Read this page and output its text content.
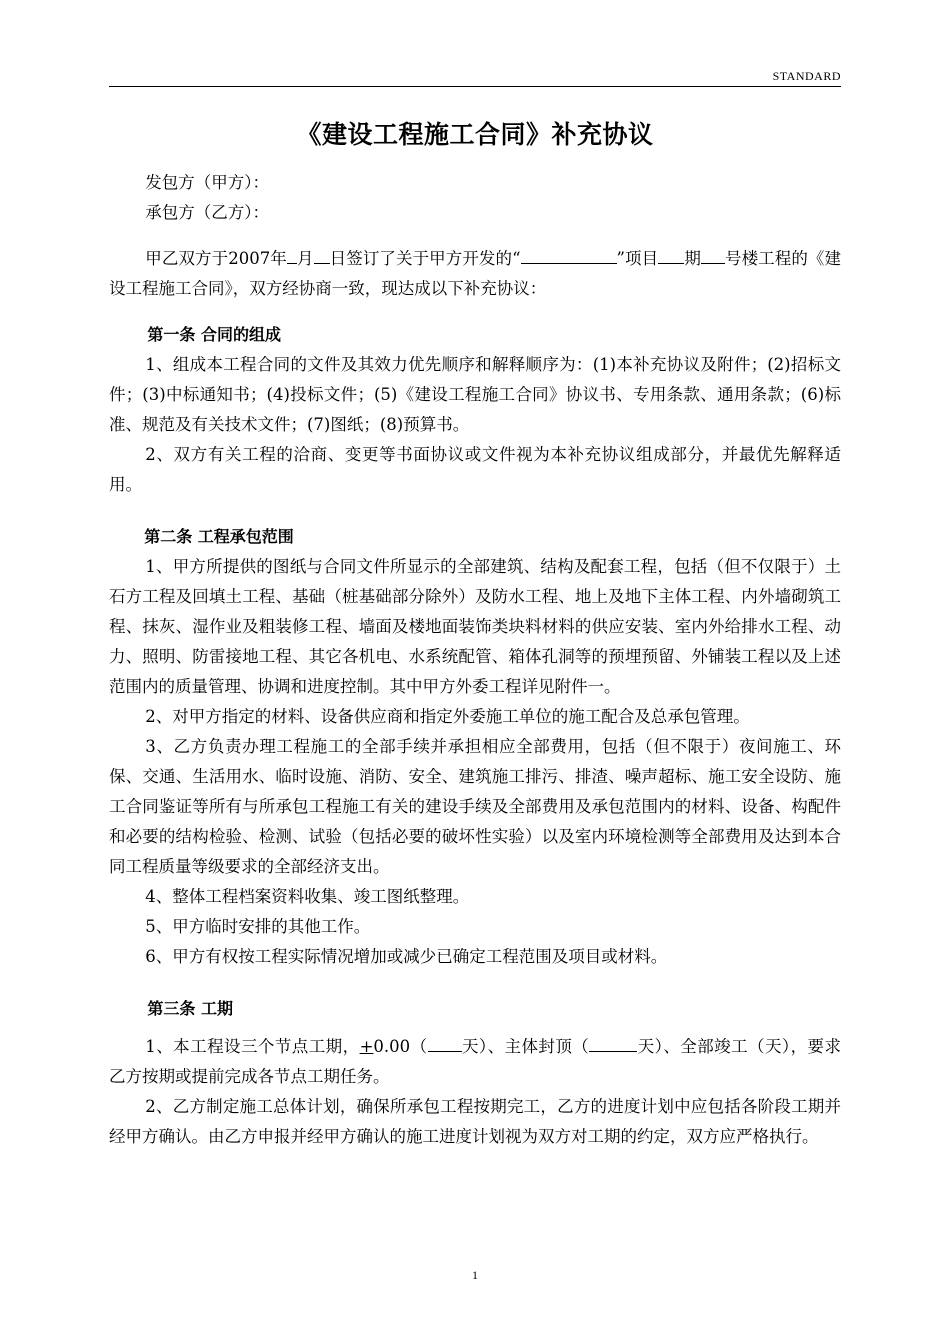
STANDARD
《建设工程施工合同》补充协议

发包方（甲方）：

承包方（乙方）：

甲乙双方于2007年 月 日签订了关于甲方开发的“	”项目 期 号楼工程的《建设工程施工合同》，双方经协商一致，现达成以下补充协议：

第一条 合同的组成

1、组成本工程合同的文件及其效力优先顺序和解释顺序为：(1)本补充协议及附件；(2)招标文件；(3)中标通知书；(4)投标文件；(5)《建设工程施工合同》协议书、专用条款、通用条款；(6)标准、规范及有关技术文件；(7)图纸；(8)预算书。

2、双方有关工程的洽商、变更等书面协议或文件视为本补充协议组成部分，并最优先解释适用。

第二条 工程承包范围

1、甲方所提供的图纸与合同文件所显示的全部建筑、结构及配套工程，包括（但不仅限于）土石方工程及回填土工程、基础（桩基础部分除外）及防水工程、地上及地下主体工程、内外墙砌筑工程、抹灰、湿作业及粗装修工程、墙面及楼地面装饰类块料材料的供应安装、室内外给排水工程、动力、照明、防雷接地工程、其它各机电、水系统配管、箱体孔洞等的预埋预留、外铺装工程以及上述范围内的质量管理、协调和进度控制。其中甲方外委工程详见附件一。

2、对甲方指定的材料、设备供应商和指定外委施工单位的施工配合及总承包管理。

3、乙方负责办理工程施工的全部手续并承担相应全部费用，包括（但不限于）夜间施工、环保、交通、生活用水、临时设施、消防、安全、建筑施工排污、排渣、噪声超标、施工安全设防、施工合同鉴证等所有与所承包工程施工有关的建设手续及全部费用及承包范围内的材料、设备、构配件和必要的结构检验、检测、试验（包括必要的破坏性实验）以及室内环境检测等全部费用及达到本合同工程质量等级要求的全部经济支出。

4、整体工程档案资料收集、竣工图纸整理。

5、甲方临时安排的其他工作。

6、甲方有权按工程实际情况增加或减少已确定工程范围及项目或材料。

第三条 工期

1、本工程设三个节点工期，+0.00（ 天）、主体封顶（	天）、全部竣工（天），要求乙方按期或提前完成各节点工期任务。

2、乙方制定施工总体计划，确保所承包工程按期完工，乙方的进度计划中应包括各阶段工期并经甲方确认。由乙方申报并经甲方确认的施工进度计划视为双方对工期的约定，双方应严格执行。

1
